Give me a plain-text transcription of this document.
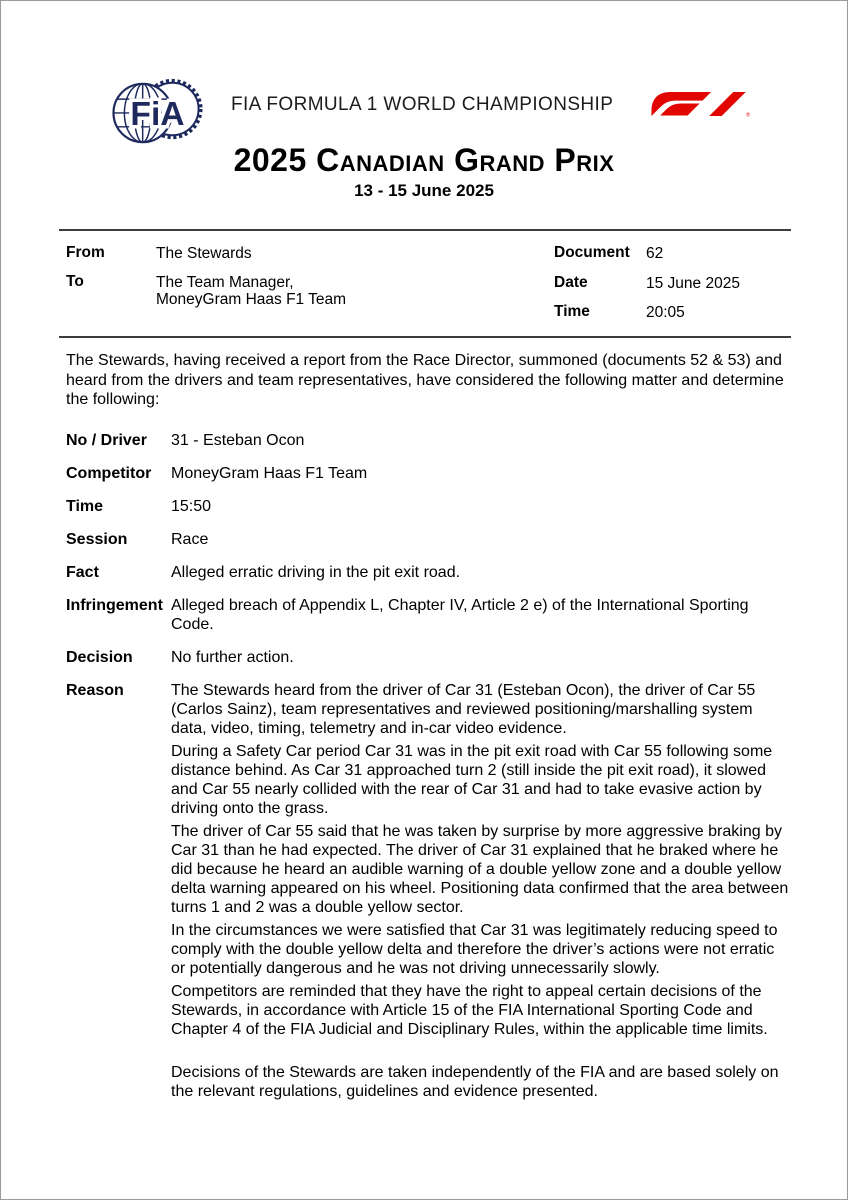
FiA FIA FORMULA 1 WORLD CHAMPIONSHIP
®
2025 Canadian Grand Prix
13 - 15 June 2025
From	The Stewards
To	The Team Manager,
MoneyGram Haas F1 Team
Document 62
Date	15 June 2025
Time	20:05
The Stewards, having received a report from the Race Director, summoned (documents 52 & 53) and heard from the drivers and team representatives, have considered the following matter and determine the following:
No / Driver	31 - Esteban Ocon
Competitor	MoneyGram Haas F1 Team
Time	15:50
Session	Race
Fact	Alleged erratic driving in the pit exit road.
Infringement Alleged breach of Appendix L, Chapter IV, Article 2 e) of the International Sporting Code.
Decision	No further action.
Reason	The Stewards heard from the driver of Car 31 (Esteban Ocon), the driver of Car 55 (Carlos Sainz), team representatives and reviewed positioning/marshalling system data, video, timing, telemetry and in-car video evidence.

During a Safety Car period Car 31 was in the pit exit road with Car 55 following some distance behind. As Car 31 approached turn 2 (still inside the pit exit road), it slowed and Car 55 nearly collided with the rear of Car 31 and had to take evasive action by driving onto the grass.

The driver of Car 55 said that he was taken by surprise by more aggressive braking by Car 31 than he had expected. The driver of Car 31 explained that he braked where he did because he heard an audible warning of a double yellow zone and a double yellow delta warning appeared on his wheel. Positioning data confirmed that the area between turns 1 and 2 was a double yellow sector.

In the circumstances we were satisfied that Car 31 was legitimately reducing speed to comply with the double yellow delta and therefore the driver’s actions were not erratic or potentially dangerous and he was not driving unnecessarily slowly.

Competitors are reminded that they have the right to appeal certain decisions of the Stewards, in accordance with Article 15 of the FIA International Sporting Code and Chapter 4 of the FIA Judicial and Disciplinary Rules, within the applicable time limits.

Decisions of the Stewards are taken independently of the FIA and are based solely on the relevant regulations, guidelines and evidence presented.
